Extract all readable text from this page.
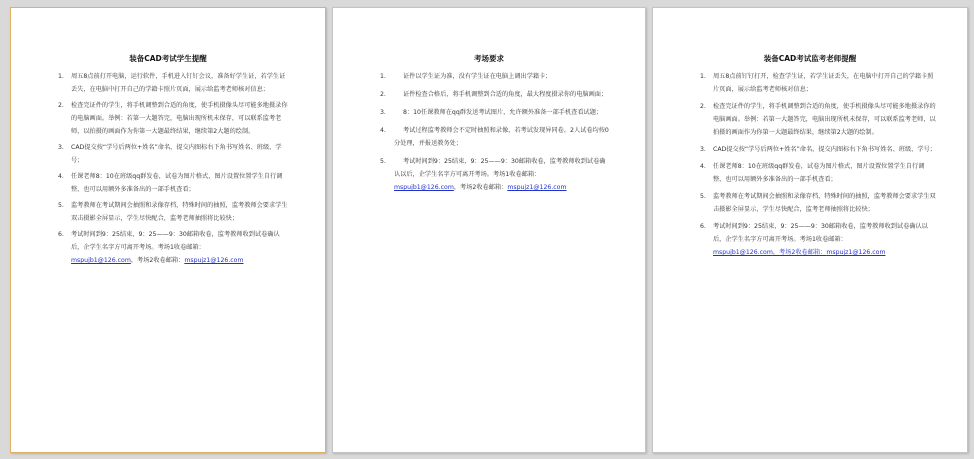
装备CAD考试学生提醒
1. 周五8点前打开电脑，运行软件，手机进入钉钉会议，准备好学生证，若学生证丢失，在电脑中打开自己的学籍卡照片页面，展示给监考老师核对信息；
2. 检查完证件的学生，将手机调整到合适的角度，使手机摄像头尽可能多地摄录你的电脑画面。举例：若第一大题答完，电脑出现所机未保存，可以联系监考老师，以拍摄的画面作为你第一大题最终结果，继续第2大题的绘制。
3. CAD提交按“学号后两位+姓名”命名，提交内图标右下角书写姓名、班级、学号；
4. 任课老师8：10在班级qq群发卷，试卷为图片格式，图片设置位置学生自行调整，也可以用额外多准备出的一部手机查看；
5. 监考教师在考试期间会抽照和录像存档，特殊时间的抽照，监考教师会要求学生双击摄影全屏显示，学生尽快配合，监考老师抽照将比较快；
6. 考试时间到9：25结束，9：25——9：30邮箱收卷，监考教师收到试卷确认后，企学生名字方可离开考场。考场1收卷邮箱：
mspujb1@126.com，考场2收卷邮箱：mspujz1@126.com
考场要求
1.	证件以学生证为准，没有学生证在电脑上调出学籍卡；
2.	证件检查合格后，将手机调整到合适的角度，最大程度摄录你的电脑画面；
3.	8：10任课教师在qq群发送考试图片，允许额外准备一部手机查看试题；
4.	考试过程监考教师会不定时抽照和录像，若考试发现异同卷，2人试卷均按0分处理，并报送教务处；
5.	考试时间到9：25结束，9：25——9：30邮箱收卷，监考教师收到试卷确认以后，企学生名字方可离开考场。考场1收卷邮箱：
mspujb1@126.com，考场2收卷邮箱：mspujz1@126.com
装备CAD考试监考老师提醒
1. 周五8点前钉钉打开，检查学生证，若学生证丢失，在电脑中打开自己的学籍卡照片页面，展示给监考老师核对信息；
2. 检查完证件的学生，将手机调整到合适的角度，使手机摄像头尽可能多地摄录你的电脑画面。举例：若第一大题答完，电脑出现所机未保存，可以联系监考老师，以拍摄的画面作为你第一大题最终结果，继续第2大题的绘制。
3. CAD提交按“学号后两位+姓名”命名，提交内图标右下角书写姓名、班级、学号；
4. 任课老师8：10在班级qq群发卷，试卷为图片格式，图片设置位置学生自行调整，也可以用额外多准备出的一部手机查看；
5. 监考教师在考试期间会抽照和录像存档，特殊时间的抽照，监考教师会要求学生双击摄影全屏显示，学生尽快配合，监考老师抽照将比较快；
6. 考试时间到9：25结束，9：25——9：30邮箱收卷，监考教师收到试卷确认以后，企学生名字方可离开考场。考场1收卷邮箱：
mspujb1@126.com，考场2收卷邮箱：mspujz1@126.com
